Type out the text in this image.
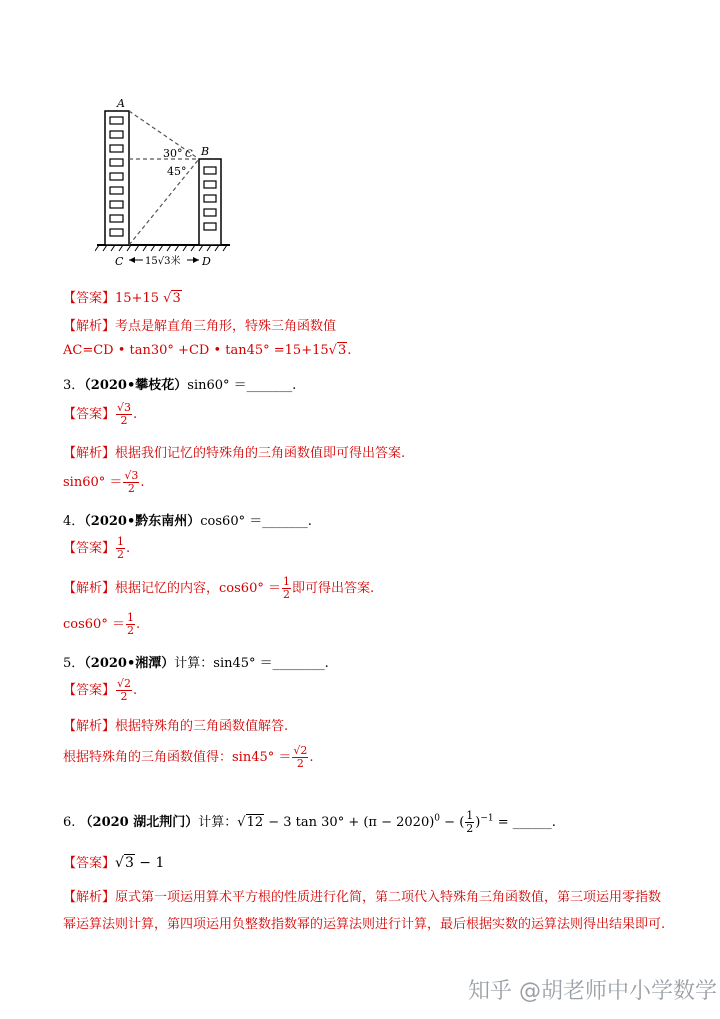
A
B
C
30°
45°
C	D
15√3米
【答案】15+15 √3
【解析】考点是解直角三角形，特殊三角函数值
AC=CD • tan30° +CD • tan45° =15+15√3.
3．（2020•攀枝花）sin60° ＝_______.
【答案】 $\frac{√3}{2}$ .
【解析】根据我们记忆的特殊角的三角函数值即可得出答案.
$\sin 60^\circ = \frac{√3}{2}$ .
4．（2020•黔东南州）cos60° ＝_______.
【答案】 $\frac{1}{2}$ .
【解析】根据记忆的内容，$\cos 60^\circ = \frac{1}{2}$ 即可得出答案.
$\cos 60^\circ = \frac{1}{2}$ .
5．（2020•湘潭）计算：sin45° ＝________.
【答案】 $\frac{√2}{2}$ .
【解析】根据特殊角的三角函数值解答.
根据特殊角的三角函数值得：$\sin 45^\circ = \frac{√2}{2}$ .
6. （2020 湖北荆门）计算：√12 − 3 $\tan 30^\circ + (\pi - 2020)^0$ − ( $\frac{1}{2} )^{-1}$ = ______.
【答案】√3 − 1
【解析】原式第一项运用算术平方根的性质进行化简，第二项代入特殊角三角函数值，第三项运用零指数
幂运算法则计算，第四项运用负整数指数幂的运算法则进行计算，最后根据实数的运算法则得出结果即可.
知乎 @胡老师中小学数学
